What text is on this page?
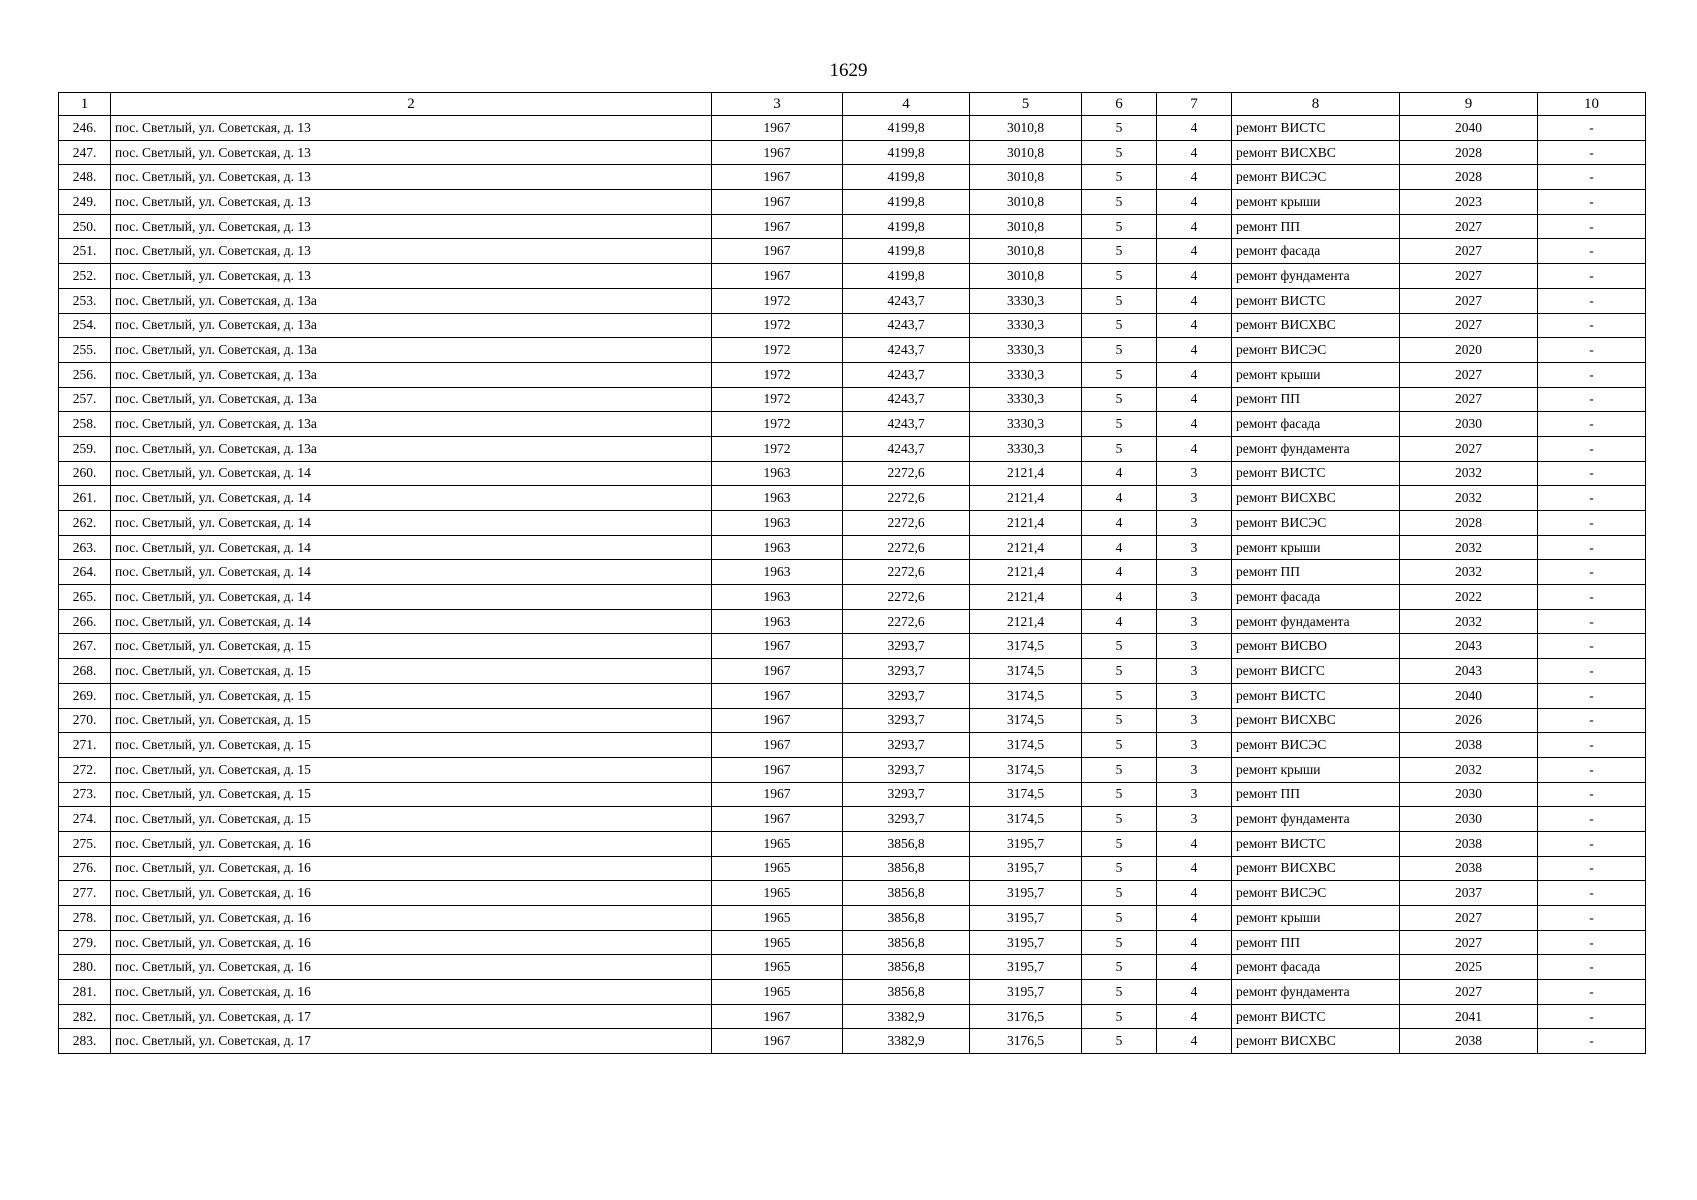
1629
1	2	3	4	5	6	7	8	9	10
246.	пос. Светлый, ул. Советская, д. 13	1967	4199,8	3010,8	5	4	ремонт ВИСТС	2040	-
247.	пос. Светлый, ул. Советская, д. 13	1967	4199,8	3010,8	5	4	ремонт ВИСХВС	2028	-
248.	пос. Светлый, ул. Советская, д. 13	1967	4199,8	3010,8	5	4	ремонт ВИСЭС	2028	-
249.	пос. Светлый, ул. Советская, д. 13	1967	4199,8	3010,8	5	4	ремонт крыши	2023	-
250.	пос. Светлый, ул. Советская, д. 13	1967	4199,8	3010,8	5	4	ремонт ПП	2027	-
251.	пос. Светлый, ул. Советская, д. 13	1967	4199,8	3010,8	5	4	ремонт фасада	2027	-
252.	пос. Светлый, ул. Советская, д. 13	1967	4199,8	3010,8	5	4	ремонт фундамента	2027	-
253.	пос. Светлый, ул. Советская, д. 13а	1972	4243,7	3330,3	5	4	ремонт ВИСТС	2027	-
254.	пос. Светлый, ул. Советская, д. 13а	1972	4243,7	3330,3	5	4	ремонт ВИСХВС	2027	-
255.	пос. Светлый, ул. Советская, д. 13а	1972	4243,7	3330,3	5	4	ремонт ВИСЭС	2020	-
256.	пос. Светлый, ул. Советская, д. 13а	1972	4243,7	3330,3	5	4	ремонт крыши	2027	-
257.	пос. Светлый, ул. Советская, д. 13а	1972	4243,7	3330,3	5	4	ремонт ПП	2027	-
258.	пос. Светлый, ул. Советская, д. 13а	1972	4243,7	3330,3	5	4	ремонт фасада	2030	-
259.	пос. Светлый, ул. Советская, д. 13а	1972	4243,7	3330,3	5	4	ремонт фундамента	2027	-
260.	пос. Светлый, ул. Советская, д. 14	1963	2272,6	2121,4	4	3	ремонт ВИСТС	2032	-
261.	пос. Светлый, ул. Советская, д. 14	1963	2272,6	2121,4	4	3	ремонт ВИСХВС	2032	-
262.	пос. Светлый, ул. Советская, д. 14	1963	2272,6	2121,4	4	3	ремонт ВИСЭС	2028	-
263.	пос. Светлый, ул. Советская, д. 14	1963	2272,6	2121,4	4	3	ремонт крыши	2032	-
264.	пос. Светлый, ул. Советская, д. 14	1963	2272,6	2121,4	4	3	ремонт ПП	2032	-
265.	пос. Светлый, ул. Советская, д. 14	1963	2272,6	2121,4	4	3	ремонт фасада	2022	-
266.	пос. Светлый, ул. Советская, д. 14	1963	2272,6	2121,4	4	3	ремонт фундамента	2032	-
267.	пос. Светлый, ул. Советская, д. 15	1967	3293,7	3174,5	5	3	ремонт ВИСВО	2043	-
268.	пос. Светлый, ул. Советская, д. 15	1967	3293,7	3174,5	5	3	ремонт ВИСГС	2043	-
269.	пос. Светлый, ул. Советская, д. 15	1967	3293,7	3174,5	5	3	ремонт ВИСТС	2040	-
270.	пос. Светлый, ул. Советская, д. 15	1967	3293,7	3174,5	5	3	ремонт ВИСХВС	2026	-
271.	пос. Светлый, ул. Советская, д. 15	1967	3293,7	3174,5	5	3	ремонт ВИСЭС	2038	-
272.	пос. Светлый, ул. Советская, д. 15	1967	3293,7	3174,5	5	3	ремонт крыши	2032	-
273.	пос. Светлый, ул. Советская, д. 15	1967	3293,7	3174,5	5	3	ремонт ПП	2030	-
274.	пос. Светлый, ул. Советская, д. 15	1967	3293,7	3174,5	5	3	ремонт фундамента	2030	-
275.	пос. Светлый, ул. Советская, д. 16	1965	3856,8	3195,7	5	4	ремонт ВИСТС	2038	-
276.	пос. Светлый, ул. Советская, д. 16	1965	3856,8	3195,7	5	4	ремонт ВИСХВС	2038	-
277.	пос. Светлый, ул. Советская, д. 16	1965	3856,8	3195,7	5	4	ремонт ВИСЭС	2037	-
278.	пос. Светлый, ул. Советская, д. 16	1965	3856,8	3195,7	5	4	ремонт крыши	2027	-
279.	пос. Светлый, ул. Советская, д. 16	1965	3856,8	3195,7	5	4	ремонт ПП	2027	-
280.	пос. Светлый, ул. Советская, д. 16	1965	3856,8	3195,7	5	4	ремонт фасада	2025	-
281.	пос. Светлый, ул. Советская, д. 16	1965	3856,8	3195,7	5	4	ремонт фундамента	2027	-
282.	пос. Светлый, ул. Советская, д. 17	1967	3382,9	3176,5	5	4	ремонт ВИСТС	2041	-
283.	пос. Светлый, ул. Советская, д. 17	1967	3382,9	3176,5	5	4	ремонт ВИСХВС	2038	-
